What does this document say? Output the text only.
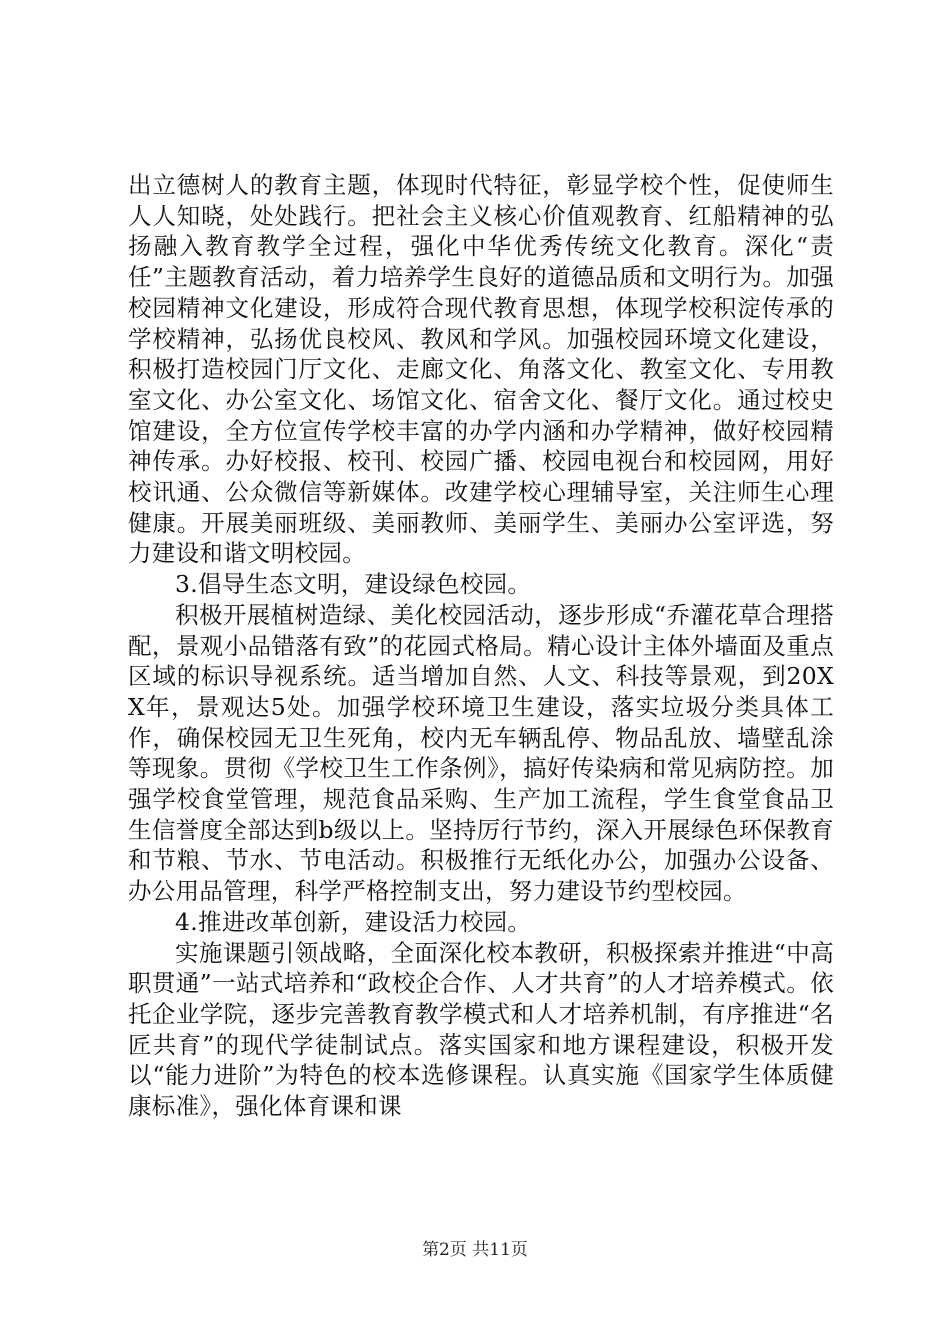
出立德树人的教育主题，体现时代特征，彰显学校个性，促使师生人人知晓，处处践行。把社会主义核心价值观教育、红船精神的弘扬融入教育教学全过程，强化中华优秀传统文化教育。深化“责任”主题教育活动，着力培养学生良好的道德品质和文明行为。加强校园精神文化建设，形成符合现代教育思想，体现学校积淀传承的学校精神，弘扬优良校风、教风和学风。加强校园环境文化建设，积极打造校园门厅文化、走廊文化、角落文化、教室文化、专用教室文化、办公室文化、场馆文化、宿舍文化、餐厅文化。通过校史馆建设，全方位宣传学校丰富的办学内涵和办学精神，做好校园精神传承。办好校报、校刊、校园广播、校园电视台和校园网，用好校讯通、公众微信等新媒体。改建学校心理辅导室，关注师生心理健康。开展美丽班级、美丽教师、美丽学生、美丽办公室评选，努力建设和谐文明校园。

3.倡导生态文明，建设绿色校园。

积极开展植树造绿、美化校园活动，逐步形成“乔灌花草合理搭配，景观小品错落有致”的花园式格局。精心设计主体外墙面及重点区域的标识导视系统。适当增加自然、人文、科技等景观，到20XX年，景观达5处。加强学校环境卫生建设，落实垃圾分类具体工作，确保校园无卫生死角，校内无车辆乱停、物品乱放、墙壁乱涂等现象。贯彻《学校卫生工作条例》，搞好传染病和常见病防控。加强学校食堂管理，规范食品采购、生产加工流程，学生食堂食品卫生信誉度全部达到b级以上。坚持厉行节约，深入开展绿色环保教育和节粮、节水、节电活动。积极推行无纸化办公，加强办公设备、办公用品管理，科学严格控制支出，努力建设节约型校园。

4.推进改革创新，建设活力校园。

实施课题引领战略，全面深化校本教研，积极探索并推进“中高职贯通”一站式培养和“政校企合作、人才共育”的人才培养模式。依托企业学院，逐步完善教育教学模式和人才培养机制，有序推进“名匠共育”的现代学徒制试点。落实国家和地方课程建设，积极开发以“能力进阶”为特色的校本选修课程。认真实施《国家学生体质健康标准》，强化体育课和课

第2页 共11页
